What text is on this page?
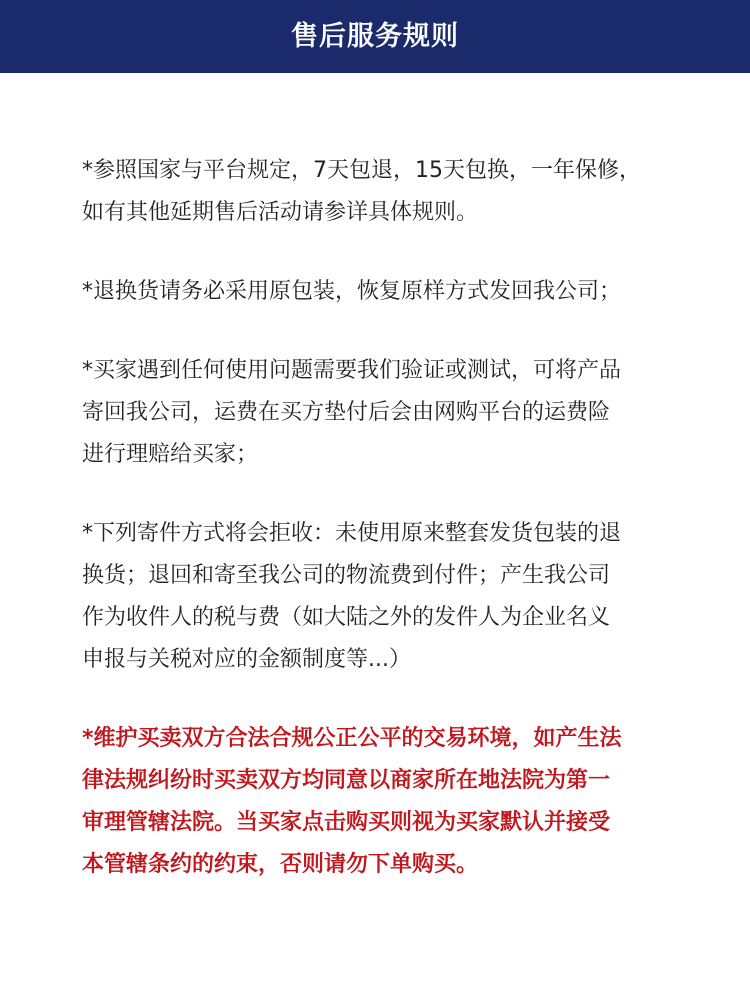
售后服务规则

*参照国家与平台规定，7天包退，15天包换，一年保修，
如有其他延期售后活动请参详具体规则。

*退换货请务必采用原包装，恢复原样方式发回我公司；

*买家遇到任何使用问题需要我们验证或测试，可将产品
寄回我公司，运费在买方垫付后会由网购平台的运费险
进行理赔给买家；

*下列寄件方式将会拒收：未使用原来整套发货包装的退
换货；退回和寄至我公司的物流费到付件；产生我公司
作为收件人的税与费（如大陆之外的发件人为企业名义
申报与关税对应的金额制度等...）

*维护买卖双方合法合规公正公平的交易环境，如产生法
律法规纠纷时买卖双方均同意以商家所在地法院为第一
审理管辖法院。当买家点击购买则视为买家默认并接受
本管辖条约的约束，否则请勿下单购买。
